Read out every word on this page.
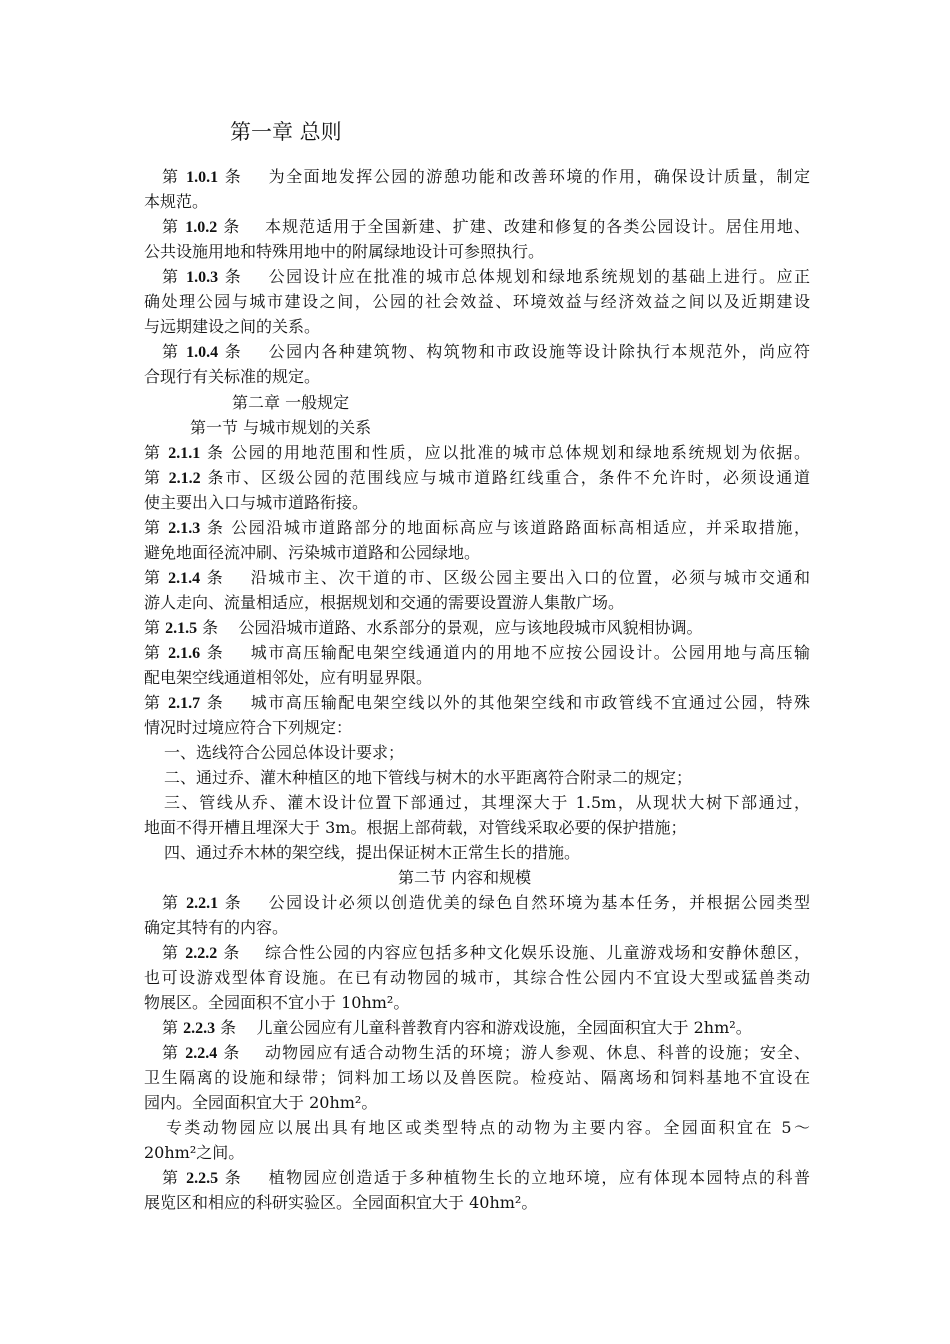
第一章 总则
第 1.0.1 条 为全面地发挥公园的游憩功能和改善环境的作用，确保设计质量，制定
本规范。
第 1.0.2 条 本规范适用于全国新建、扩建、改建和修复的各类公园设计。居住用地、
公共设施用地和特殊用地中的附属绿地设计可参照执行。
第 1.0.3 条 公园设计应在批准的城市总体规划和绿地系统规划的基础上进行。应正
确处理公园与城市建设之间，公园的社会效益、环境效益与经济效益之间以及近期建设
与远期建设之间的关系。
第 1.0.4 条 公园内各种建筑物、构筑物和市政设施等设计除执行本规范外，尚应符
合现行有关标准的规定。
第二章 一般规定
第一节 与城市规划的关系
第 2.1.1 条 公园的用地范围和性质，应以批准的城市总体规划和绿地系统规划为依据。
第 2.1.2 条市、区级公园的范围线应与城市道路红线重合，条件不允许时，必须设通道
使主要出入口与城市道路衔接。
第 2.1.3 条 公园沿城市道路部分的地面标高应与该道路路面标高相适应，并采取措施，
避免地面径流冲刷、污染城市道路和公园绿地。
第 2.1.4 条 沿城市主、次干道的市、区级公园主要出入口的位置，必须与城市交通和
游人走向、流量相适应，根据规划和交通的需要设置游人集散广场。
第 2.1.5 条 公园沿城市道路、水系部分的景观，应与该地段城市风貌相协调。
第 2.1.6 条 城市高压输配电架空线通道内的用地不应按公园设计。公园用地与高压输
配电架空线通道相邻处，应有明显界限。
第 2.1.7 条 城市高压输配电架空线以外的其他架空线和市政管线不宜通过公园，特殊
情况时过境应符合下列规定：
一、选线符合公园总体设计要求；
二、通过乔、灌木种植区的地下管线与树木的水平距离符合附录二的规定；
三、管线从乔、灌木设计位置下部通过，其埋深大于 1.5m，从现状大树下部通过，
地面不得开槽且埋深大于 3m。根据上部荷载，对管线采取必要的保护措施；
四、通过乔木林的架空线，提出保证树木正常生长的措施。
第二节 内容和规模
第 2.2.1 条 公园设计必须以创造优美的绿色自然环境为基本任务，并根据公园类型
确定其特有的内容。
第 2.2.2 条 综合性公园的内容应包括多种文化娱乐设施、儿童游戏场和安静休憩区，
也可设游戏型体育设施。在已有动物园的城市，其综合性公园内不宜设大型或猛兽类动
物展区。全园面积不宜小于 10hm²。
第 2.2.3 条 儿童公园应有儿童科普教育内容和游戏设施，全园面积宜大于 2hm²。
第 2.2.4 条 动物园应有适合动物生活的环境；游人参观、休息、科普的设施；安全、
卫生隔离的设施和绿带；饲料加工场以及兽医院。检疫站、隔离场和饲料基地不宜设在
园内。全园面积宜大于 20hm²。
专类动物园应以展出具有地区或类型特点的动物为主要内容。全园面积宜在 5～
20hm²之间。
第 2.2.5 条 植物园应创造适于多种植物生长的立地环境，应有体现本园特点的科普
展览区和相应的科研实验区。全园面积宜大于 40hm²。
